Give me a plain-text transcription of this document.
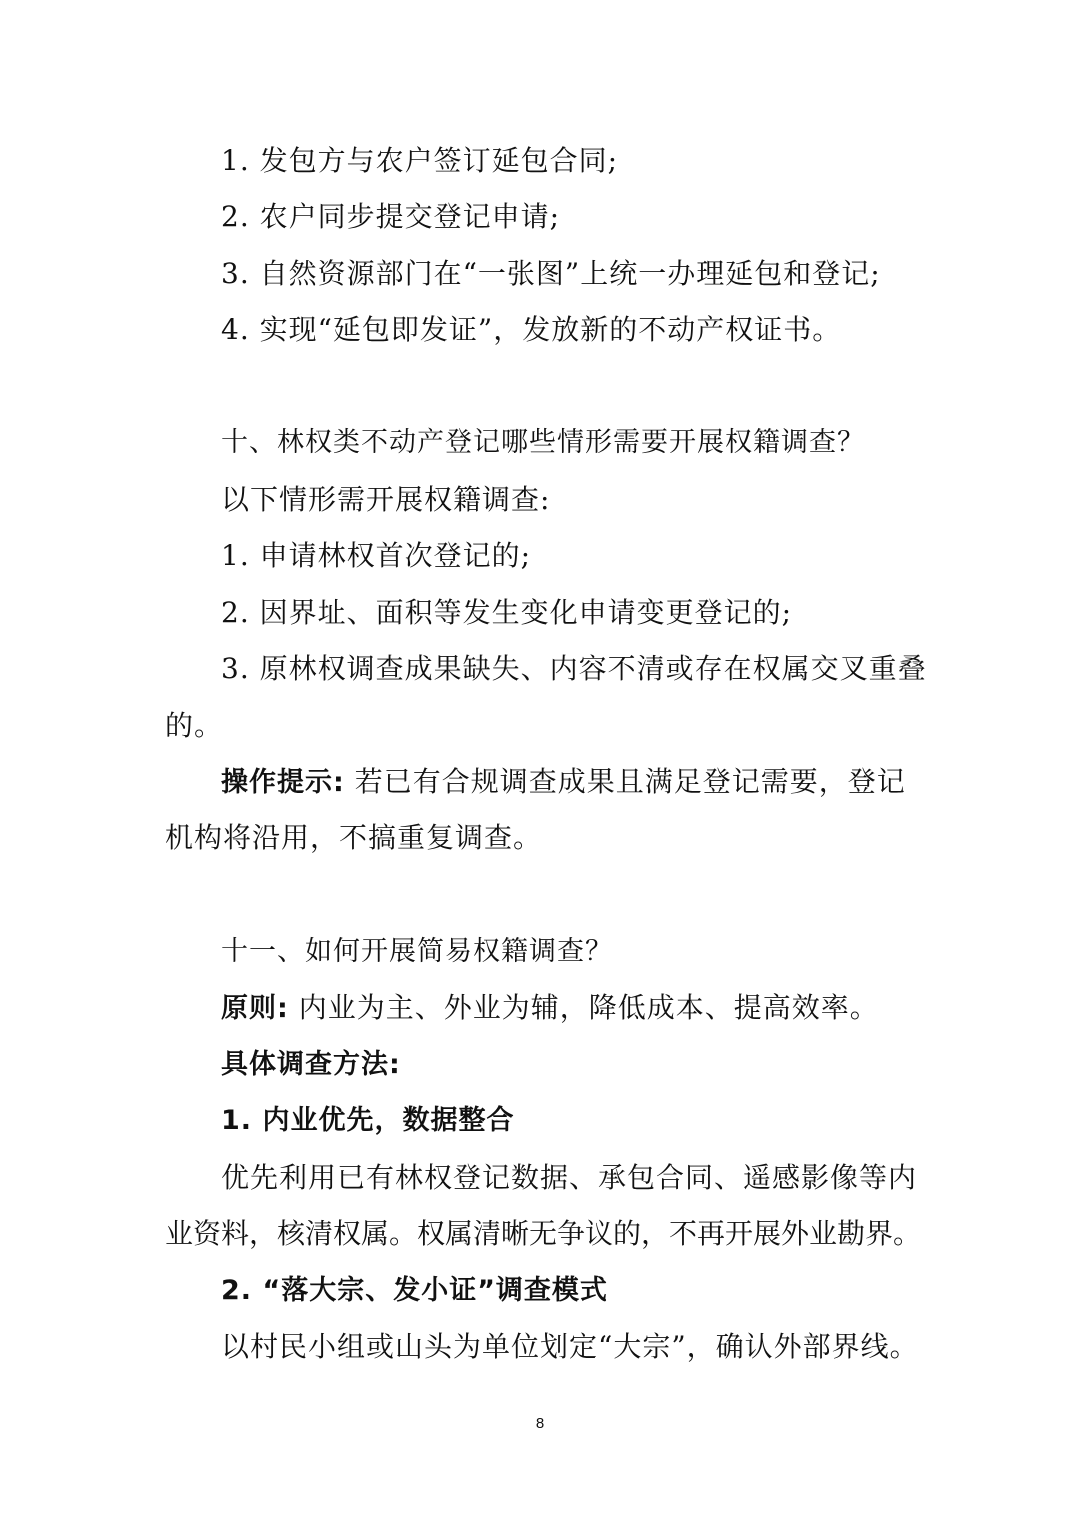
1. 发包方与农户签订延包合同;
2. 农户同步提交登记申请;
3. 自然资源部门在“一张图”上统一办理延包和登记;
4. 实现“延包即发证”，发放新的不动产权证书。
十、林权类不动产登记哪些情形需要开展权籍调查？
以下情形需开展权籍调查:
1. 申请林权首次登记的;
2. 因界址、面积等发生变化申请变更登记的;
3. 原林权调查成果缺失、内容不清或存在权属交叉重叠
的。
操作提示: 若已有合规调查成果且满足登记需要，登记
机构将沿用，不搞重复调查。
十一、如何开展简易权籍调查？
原则: 内业为主、外业为辅，降低成本、提高效率。
具体调查方法:
1. 内业优先，数据整合
优先利用已有林权登记数据、承包合同、遥感影像等内
业资料，核清权属。权属清晰无争议的，不再开展外业勘界。
2. “落大宗、发小证”调查模式
以村民小组或山头为单位划定“大宗”，确认外部界线。
8
